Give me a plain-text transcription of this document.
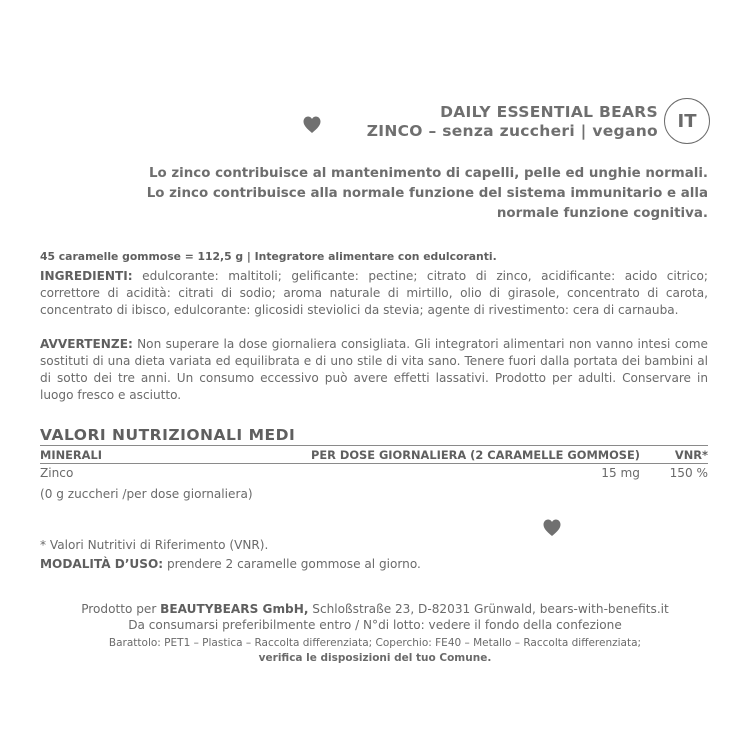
DAILY ESSENTIAL BEARS
ZINCO – senza zuccheri | vegano	IT
Lo zinco contribuisce al mantenimento di capelli, pelle ed unghie normali.
Lo zinco contribuisce alla normale funzione del sistema immunitario e alla
normale funzione cognitiva.
45 caramelle gommose = 112,5 g | Integratore alimentare con edulcoranti.
INGREDIENTI: edulcorante: maltitoli; gelificante: pectine; citrato di zinco, acidificante: acido citrico; correttore di acidità: citrati di sodio; aroma naturale di mirtillo, olio di girasole, concentrato di carota, concentrato di ibisco, edulcorante: glicosidi steviolici da stevia; agente di rivestimento: cera di carnauba.
AVVERTENZE: Non superare la dose giornaliera consigliata. Gli integratori alimentari non vanno intesi come sostituti di una dieta variata ed equilibrata e di uno stile di vita sano. Tenere fuori dalla portata dei bambini al di sotto dei tre anni. Un consumo eccessivo può avere effetti lassativi. Prodotto per adulti. Conservare in luogo fresco e asciutto.
VALORI NUTRIZIONALI MEDI
MINERALI	PER DOSE GIORNALIERA (2 CARAMELLE GOMMOSE)	VNR*
Zinco	15 mg 150 %
(0 g zuccheri /per dose giornaliera)
* Valori Nutritivi di Riferimento (VNR).
MODALITÀ D’USO: prendere 2 caramelle gommose al giorno.
Prodotto per BEAUTYBEARS GmbH, Schloßstraße 23, D-82031 Grünwald, bears-with-benefits.it
Da consumarsi preferibilmente entro / N°di lotto: vedere il fondo della confezione
Barattolo: PET1 – Plastica – Raccolta differenziata; Coperchio: FE40 – Metallo – Raccolta differenziata;
verifica le disposizioni del tuo Comune.
